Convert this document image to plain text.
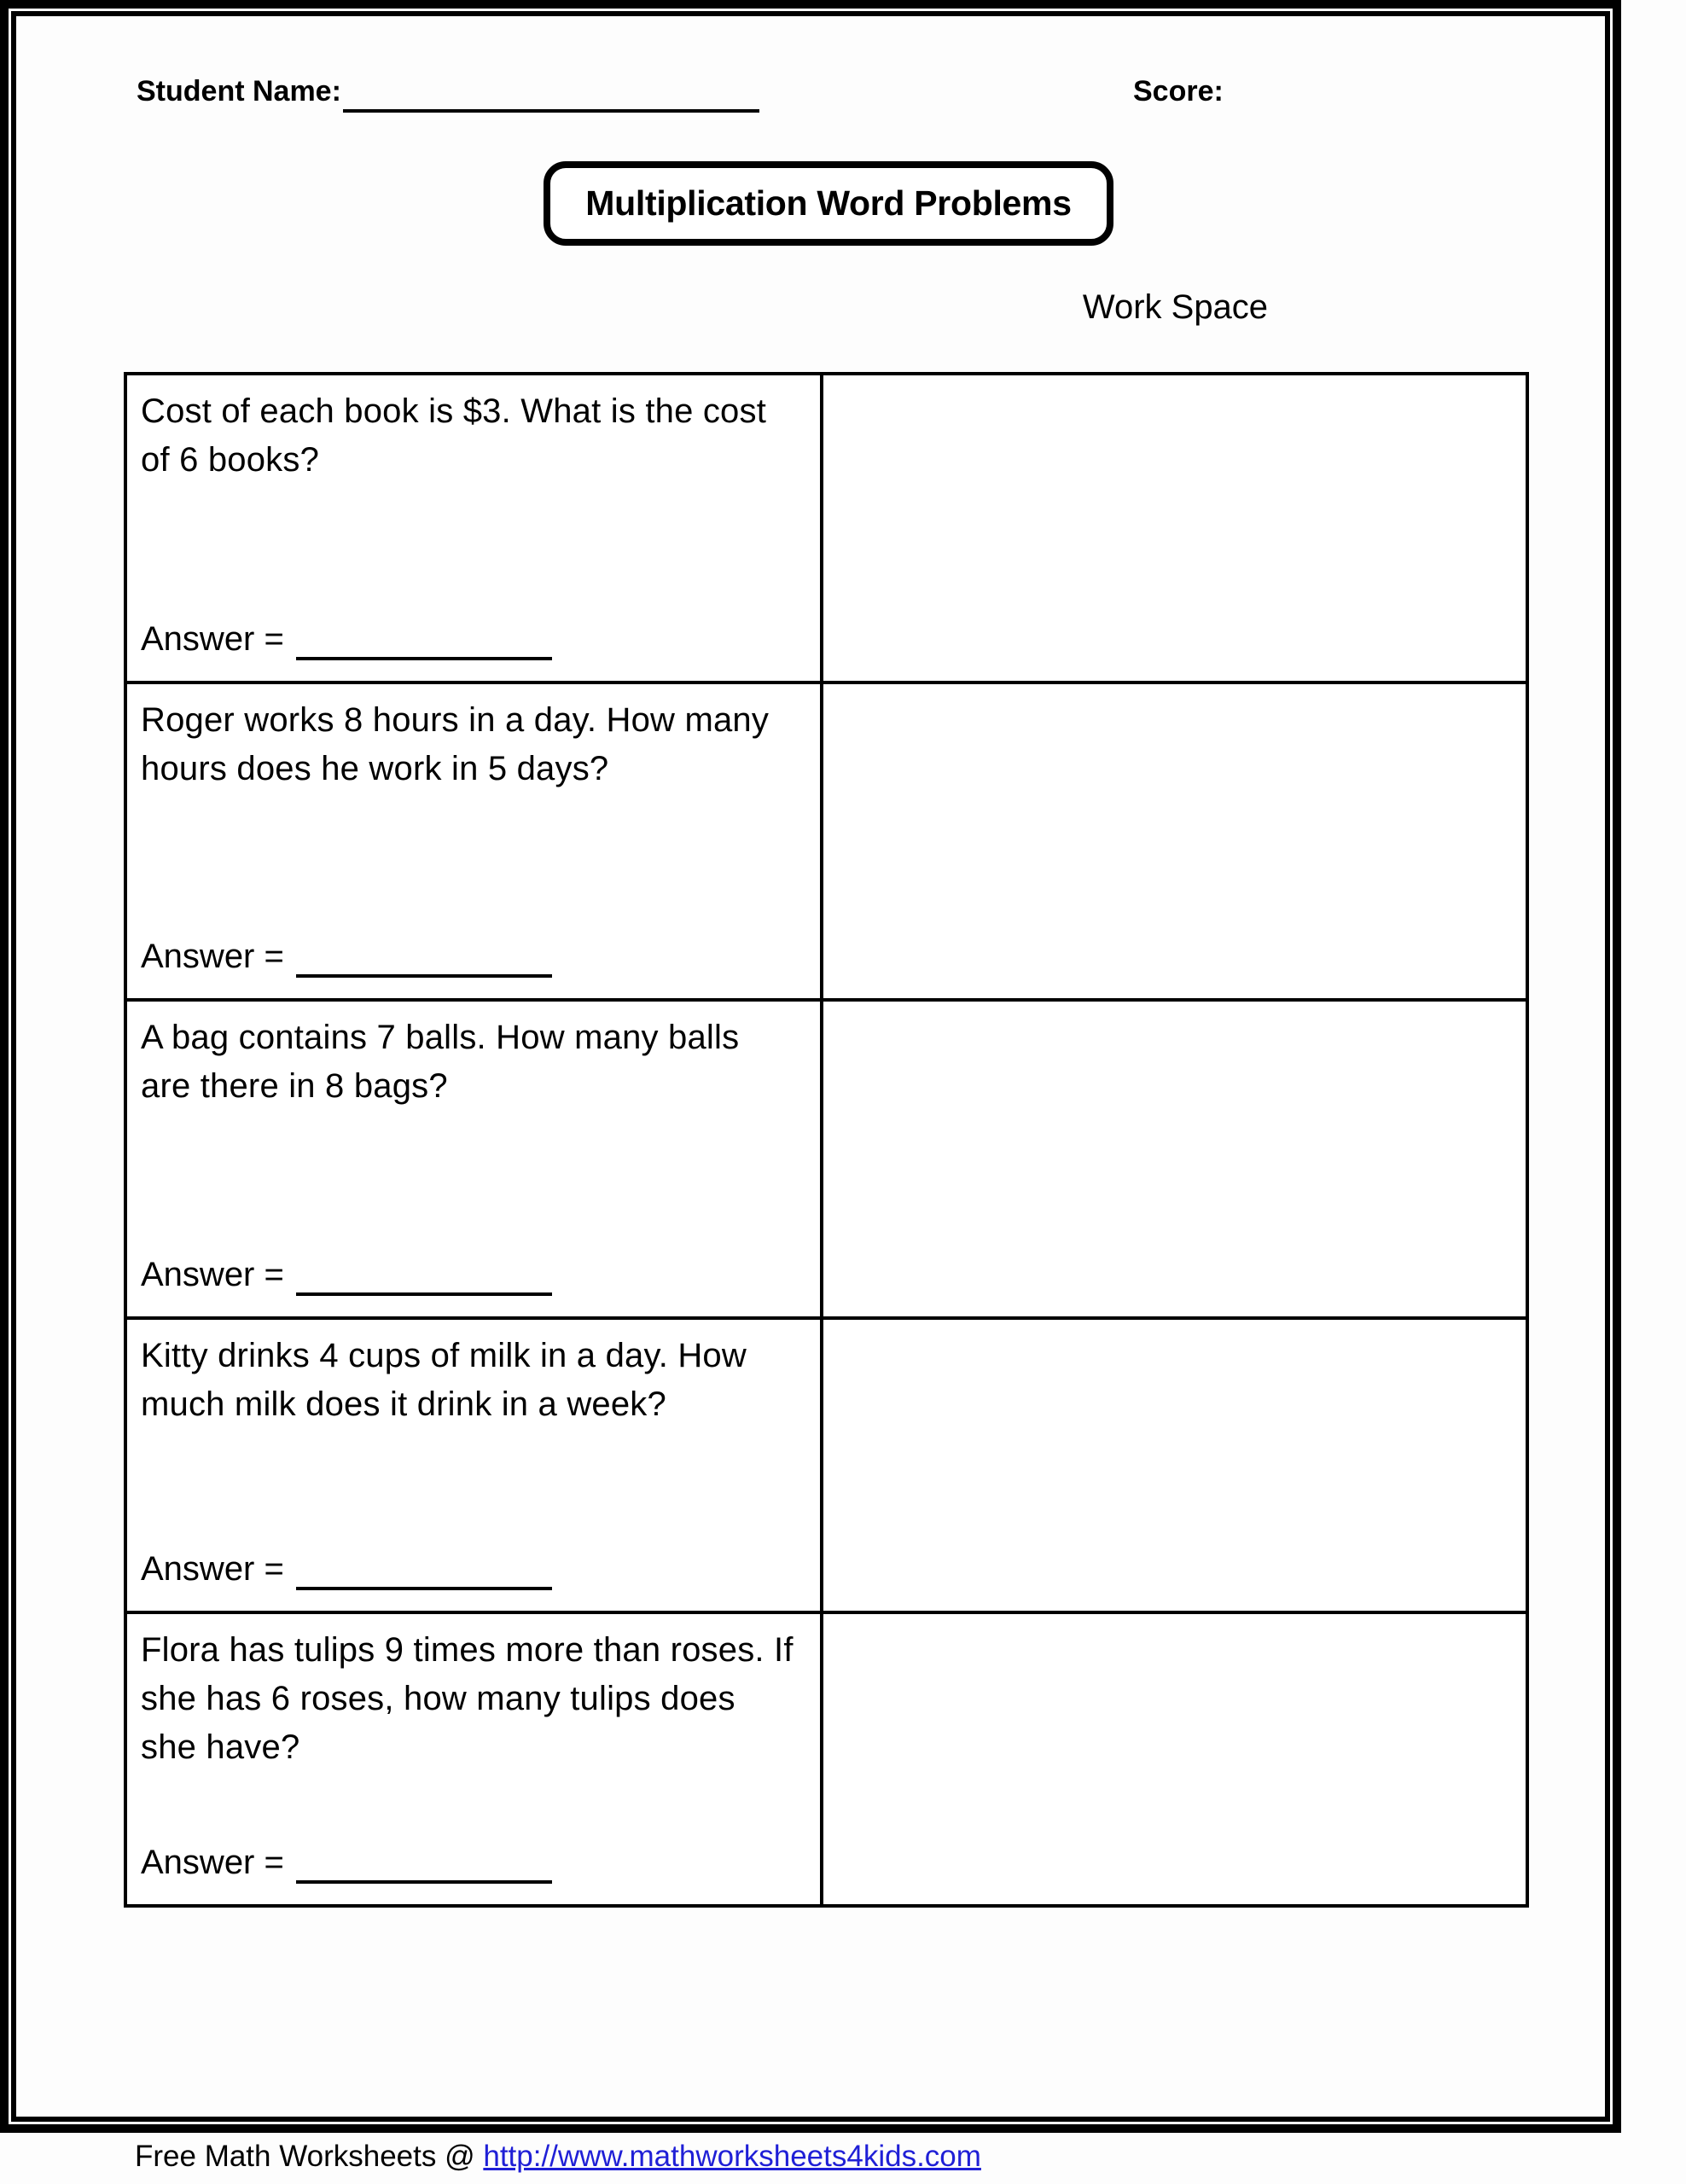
Student Name:	Score:
Multiplication Word Problems
Work Space
Cost of each book is $3. What is the cost of 6 books?
Answer =
Roger works 8 hours in a day. How many hours does he work in 5 days?
Answer =
A bag contains 7 balls. How many balls are there in 8 bags?
Answer =
Kitty drinks 4 cups of milk in a day. How much milk does it drink in a week?
Answer =
Flora has tulips 9 times more than roses. If she has 6 roses, how many tulips does she have?
Answer =
Free Math Worksheets @ http://www.mathworksheets4kids.com
